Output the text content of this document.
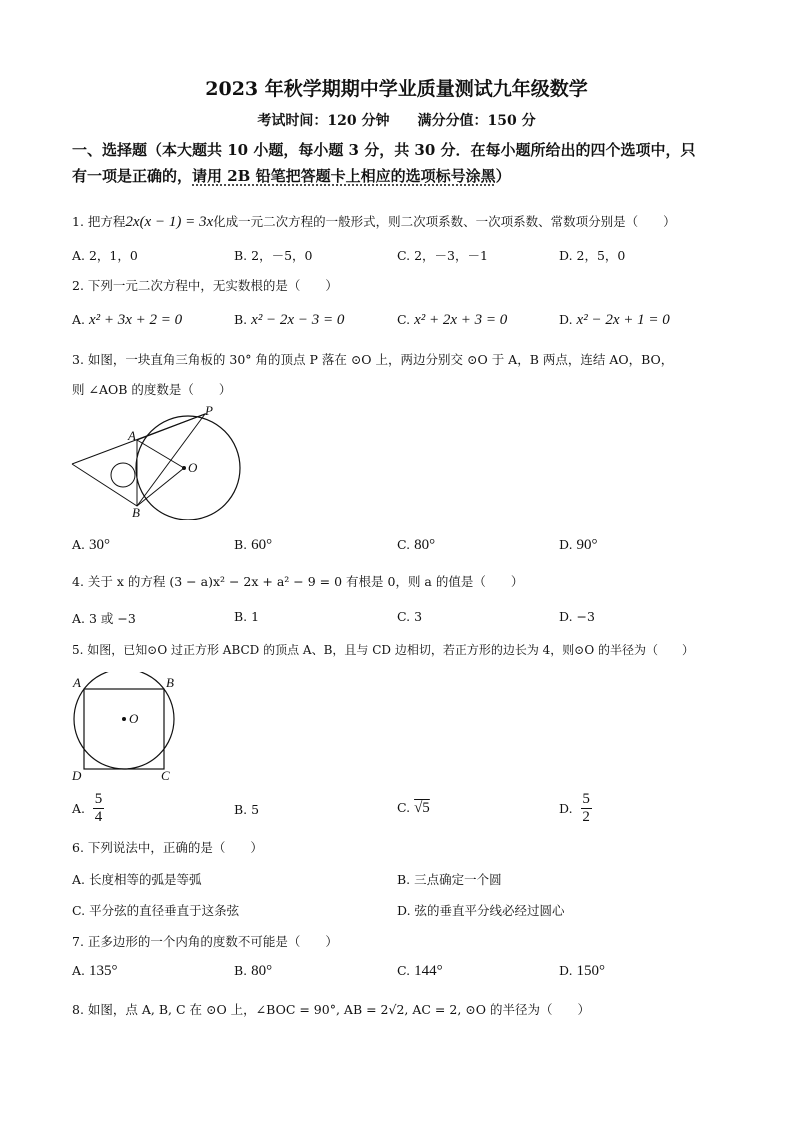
2023 年秋学期期中学业质量测试九年级数学
考试时间：120 分钟　　满分分值：150 分
一、选择题（本大题共 10 小题，每小题 3 分，共 30 分．在每小题所给出的四个选项中，只
有一项是正确的，请用 2B 铅笔把答题卡上相应的选项标号涂黑）
1. 把方程2x(x − 1) = 3x化成一元二次方程的一般形式，则二次项系数、一次项系数、常数项分别是（　　）
A. 2，1，0	B. 2，－5，0	C. 2，－3，－1	D. 2，5，0
2. 下列一元二次方程中，无实数根的是（　　）
A. x² + 3x + 2 = 0	B. x² − 2x − 3 = 0	C. x² + 2x + 3 = 0	D. x² − 2x + 1 = 0
3. 如图，一块直角三角板的 30° 角的顶点 P 落在 ⊙O 上，两边分别交 ⊙O 于 A，B 两点，连结 AO，BO，
则 ∠AOB 的度数是（　　）
P
A
O
B
A. 30°	B. 60°	C. 80°	D. 90°
4. 关于 x 的方程 (3 − a)x² − 2x + a² − 9 = 0 有根是 0，则 a 的值是（　　）
A. 3 或 −3	B. 1	C. 3	D. −3
5. 如图，已知⊙O 过正方形 ABCD 的顶点 A、B，且与 CD 边相切，若正方形的边长为 4，则⊙O 的半径为（　　）
A	B
C
D
O
A. $\frac{5}{4}$	B. 5	C. √5	D. $\frac{5}{2}$
6. 下列说法中，正确的是（　　）
A. 长度相等的弧是等弧	B. 三点确定一个圆
C. 平分弦的直径垂直于这条弦	D. 弦的垂直平分线必经过圆心
7. 正多边形的一个内角的度数不可能是（　　）
A. 135°	B. 80°	C. 144°	D. 150°
8. 如图，点 A, B, C 在 ⊙O 上，∠BOC = 90°, AB = 2√2, AC = 2, ⊙O 的半径为（　　）
